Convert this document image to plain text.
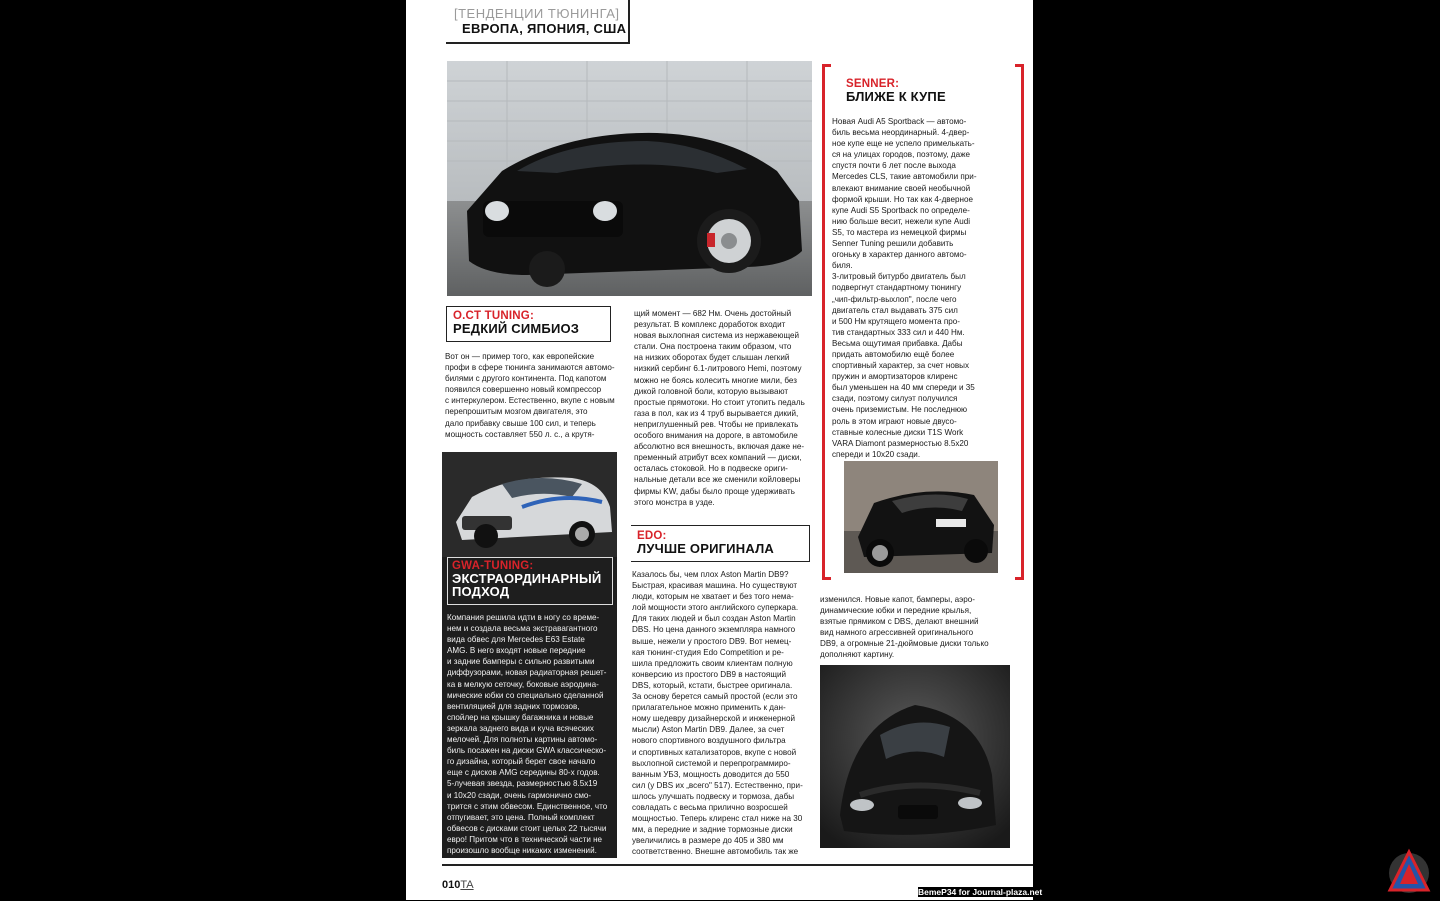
[ТЕНДЕНЦИИ ТЮНИНГА]
ЕВРОПА, ЯПОНИЯ, США
O.CT TUNING:
РЕДКИЙ СИМБИОЗ

Вот он — пример того, как европейские
профи в сфере тюнинга занимаются автомо-
билями с другого континента. Под капотом
появился совершенно новый компрессор
с интеркулером. Естественно, вкупе с новым
перепрошитым мозгом двигателя, это
дало прибавку свыше 100 сил, и теперь
мощность составляет 550 л. с., а крутя-

щий момент — 682 Нм. Очень достойный
результат. В комплекс доработок входит
новая выхлопная система из нержавеющей
стали. Она построена таким образом, что
на низких оборотах будет слышан легкий
низкий сербинг 6.1-литрового Hemi, поэтому
можно не боясь колесить многие мили, без
дикой головной боли, которую вызывают
простые прямотоки. Но стоит утопить педаль
газа в пол, как из 4 труб вырывается дикий,
неприглушенный рев. Чтобы не привлекать
особого внимания на дороге, в автомобиле
абсолютно вся внешность, включая даже не-
пременный атрибут всех компаний — диски,
осталась стоковой. Но в подвеске ориги-
нальные детали все же сменили койловеры
фирмы KW, дабы было проще удерживать
этого монстра в узде.

GWA-TUNING:
ЭКСТРАОРДИНАРНЫЙ
ПОДХОД

Компания решила идти в ногу со време-
нем и создала весьма экстравагантного
вида обвес для Mercedes E63 Estate
AMG. В него входят новые передние
и задние бамперы с сильно развитыми
диффузорами, новая радиаторная решет-
ка в мелкую сеточку, боковые аэродина-
мические юбки со специально сделанной
вентиляцией для задних тормозов,
спойлер на крышку багажника и новые
зеркала заднего вида и куча всяческих
мелочей. Для полноты картины автомо-
биль посажен на диски GWA классическо-
го дизайна, который берет свое начало
еще с дисков AMG середины 80-х годов.
5-лучевая звезда, размерностью 8.5х19
и 10х20 сзади, очень гармонично смо-
трится с этим обвесом. Единственное, что
отпугивает, это цена. Полный комплект
обвесов с дисками стоит целых 22 тысячи
евро! Притом что в технической части не
произошло вообще никаких изменений.

EDO:
ЛУЧШЕ ОРИГИНАЛА

Казалось бы, чем плох Aston Martin DB9?
Быстрая, красивая машина. Но существуют
люди, которым не хватает и без того нема-
лой мощности этого английского суперкара.
Для таких людей и был создан Aston Martin
DBS. Но цена данного экземпляра намного
выше, нежели у простого DB9. Вот немец-
кая тюнинг-студия Edo Competition и ре-
шила предложить своим клиентам полную
конверсию из простого DB9 в настоящий
DBS, который, кстати, быстрее оригинала.
За основу берется самый простой (если это
прилагательное можно применить к дан-
ному шедевру дизайнерской и инженерной
мысли) Aston Martin DB9. Далее, за счет
нового спортивного воздушного фильтра
и спортивных катализаторов, вкупе с новой
выхлопной системой и перепрограммиро-
ванным УБЗ, мощность доводится до 550
сил (у DBS их „всего" 517). Естественно, при-
шлось улучшать подвеску и тормоза, дабы
совладать с весьма прилично возросшей
мощностью. Теперь клиренс стал ниже на 30
мм, а передние и задние тормозные диски
увеличились в размере до 405 и 380 мм
соответственно. Внешне автомобиль так же

изменился. Новые капот, бамперы, аэро-
динамические юбки и передние крылья,
взятые прямиком с DBS, делают внешний
вид намного агрессивней оригинального
DB9, а огромные 21-дюймовые диски только
дополняют картину.

SENNER:
БЛИЖЕ К КУПЕ

Новая Audi A5 Sportback — автомо-
биль весьма неординарный. 4-двер-
ное купе еще не успело примелькать-
ся на улицах городов, поэтому, даже
спустя почти 6 лет после выхода
Mercedes CLS, такие автомобили при-
влекают внимание своей необычной
формой крыши. Но так как 4-дверное
купе Audi S5 Sportback по определе-
нию больше весит, нежели купе Audi
S5, то мастера из немецкой фирмы
Senner Tuning решили добавить
огоньку в характер данного автомо-
биля.
3-литровый битурбо двигатель был
подвергнут стандартному тюнингу
„чип-фильтр-выхлоп", после чего
двигатель стал выдавать 375 сил
и 500 Нм крутящего момента про-
тив стандартных 333 сил и 440 Нм.
Весьма ощутимая прибавка. Дабы
придать автомобилю ещё более
спортивный характер, за счет новых
пружин и амортизаторов клиренс
был уменьшен на 40 мм спереди и 35
сзади, поэтому силуэт получился
очень приземистым. Не последнюю
роль в этом играют новые двусо-
ставные колесные диски T1S Work
VARA Diamont размерностью 8.5х20
спереди и 10х20 сзади.

010TA
BemeP34 for Journal-plaza.net
